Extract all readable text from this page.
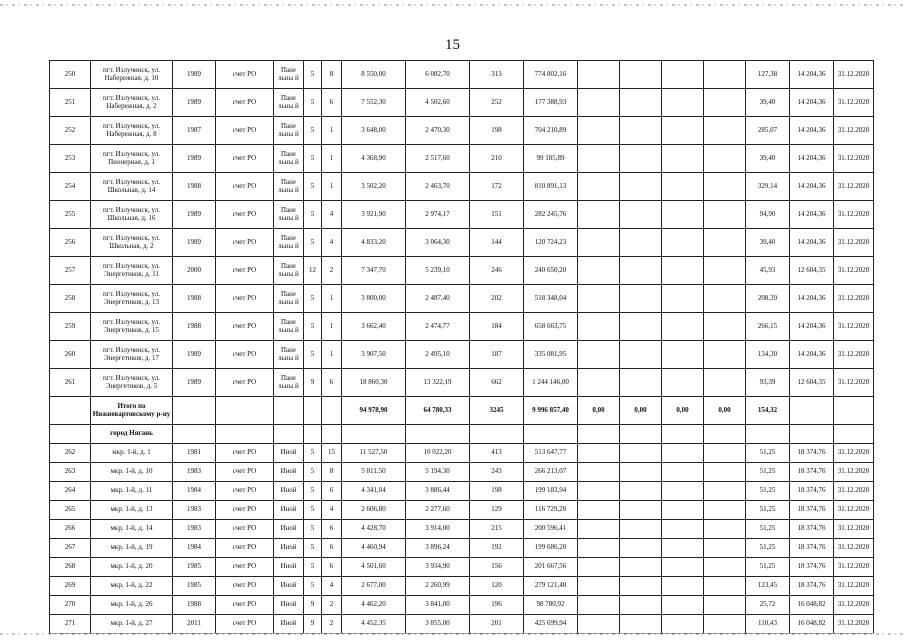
15
250	пгт. Излучинск, ул. Набережная, д. 10	1989	счет РО	Пане льны й	5	8	8 550,00	6 082,70	313	774 802,16					127,38	14 204,36	31.12.2020
251	пгт. Излучинск, ул. Набережная, д. 2	1989	счет РО	Пане льны й	5	6	7 552,30	4 502,60	252	177 388,93					39,40	14 204,36	31.12.2020
252	пгт. Излучинск, ул. Набережная, д. 8	1987	счет РО	Пане льны й	5	1	3 648,00	2 470,30	198	704 210,89					285,07	14 204,36	31.12.2020
253	пгт. Излучинск, ул. Пионерная, д. 1	1989	счет РО	Пане льны й	5	1	4 368,90	2 517,60	210	99 185,89					39,40	14 204,36	31.12.2020
254	пгт. Излучинск, ул. Школьная, д. 14	1988	счет РО	Пане льны й	5	1	3 502,20	2 463,70	172	810 891,13					329,14	14 204,36	31.12.2020
255	пгт. Излучинск, ул. Школьная, д. 16	1989	счет РО	Пане льны й	5	4	3 921,90	2 974,17	151	282 245,76					94,90	14 204,36	31.12.2020
256	пгт. Излучинск, ул. Школьная, д. 2	1989	счет РО	Пане льны й	5	4	4 833,20	3 064,30	144	120 724,23					39,40	14 204,36	31.12.2020
257	пгт. Излучинск, ул. Энергетиков, д. 11	2000	счет РО	Пане льны й	12	2	7 347,70	5 239,10	246	240 650,20					45,93	12 604,35	31.12.2020
258	пгт. Излучинск, ул. Энергетиков, д. 13	1988	счет РО	Пане льны й	5	1	3 800,00	2 487,40	202	518 348,04					208,39	14 204,36	31.12.2020
259	пгт. Излучинск, ул. Энергетиков, д. 15	1988	счет РО	Пане льны й	5	1	3 662,40	2 474,77	184	658 663,75					266,15	14 204,36	31.12.2020
260	пгт. Излучинск, ул. Энергетиков, д. 17	1989	счет РО	Пане льны й	5	1	3 907,50	2 495,10	187	335 081,95					134,30	14 204,36	31.12.2020
261	пгт. Излучинск, ул. Энергетиков, д. 5	1989	счет РО	Пане льны й	9	6	18 860,30	13 322,19	662	1 244 146,00					93,39	12 604,35	31.12.2020
	Итого по Нижневартовскому р-ну						94 978,90	64 780,33	3245	9 996 857,40	0,00	0,00	0,00	0,00	154,32		
	город Нягань																
262	мкр. 1-й, д. 1	1981	счет РО	Иной	5	15	11 527,50	10 022,20	413	513 647,77					51,25	18 374,76	31.12.2020
263	мкр. 1-й, д. 10	1983	счет РО	Иной	5	8	5 811,50	5 194,30	243	266 213,07					51,25	18 374,76	31.12.2020
264	мкр. 1-й, д. 11	1984	счет РО	Иной	5	6	4 341,04	3 886,44	198	199 183,94					51,25	18 374,76	31.12.2020
265	мкр. 1-й, д. 13	1983	счет РО	Иной	5	4	2 606,80	2 277,60	129	116 729,28					51,25	18 374,76	31.12.2020
266	мкр. 1-й, д. 14	1983	счет РО	Иной	5	6	4 428,70	3 914,00	215	200 596,41					51,25	18 374,76	31.12.2020
267	мкр. 1-й, д. 19	1984	счет РО	Иной	5	6	4 460,94	3 896,24	192	199 686,20					51,25	18 374,76	31.12.2020
268	мкр. 1-й, д. 20	1985	счет РО	Иной	5	6	4 501,60	3 934,90	156	201 667,56					51,25	18 374,76	31.12.2020
269	мкр. 1-й, д. 22	1985	счет РО	Иной	5	4	2 677,00	2 260,99	120	279 121,48					123,45	18 374,76	31.12.2020
270	мкр. 1-й, д. 26	1988	счет РО	Иной	9	2	4 462,20	3 841,00	196	98 780,92					25,72	16 048,82	31.12.2020
271	мкр. 1-й, д. 27	2011	счет РО	Иной	9	2	4 452,35	3 855,00	201	425 699,94					110,43	16 048,82	31.12.2020
